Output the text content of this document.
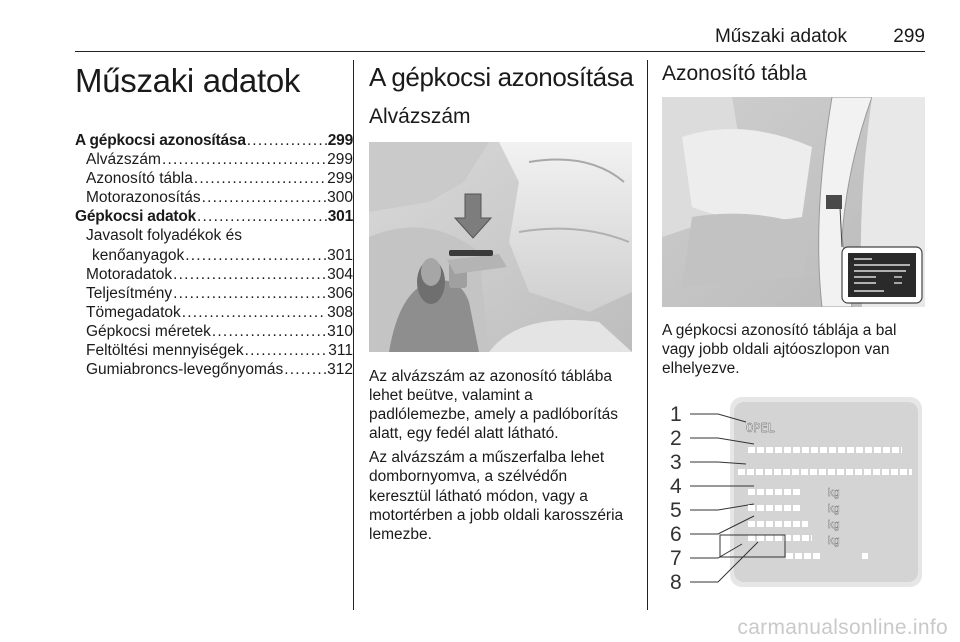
Műszaki adatok 299
Műszaki adatok
A gépkocsi azonosítása .....	299
Alvázszám .....	299
Azonosító tábla .....	299
Motorazonosítás .....	300
Gépkocsi adatok .....	301
Javasolt folyadékok és
kenőanyagok .....	301
Motoradatok .....	304
Teljesítmény .....	306
Tömegadatok .....	308
Gépkocsi méretek .....	310
Feltöltési mennyiségek .....	311
Gumiabroncs-levegőnyomás .....	312
A gépkocsi azonosítása
Alvázszám

Az alvázszám az azonosító táblába lehet beütve, valamint a padlólemezbe, amely a padlóborítás alatt, egy fedél alatt látható.

Az alvázszám a műszerfalba lehet dombornyomva, a szélvédőn keresztül látható módon, vagy a motortérben a jobb oldali karosszéria lemezbe.

Azonosító tábla

A gépkocsi azonosító táblája a bal vagy jobb oldali ajtóoszlopon van elhelyezve.

1
2
3
4
5
6
7
8
OPEL
kg
kg
kg
kg
carmanualsonline.info
